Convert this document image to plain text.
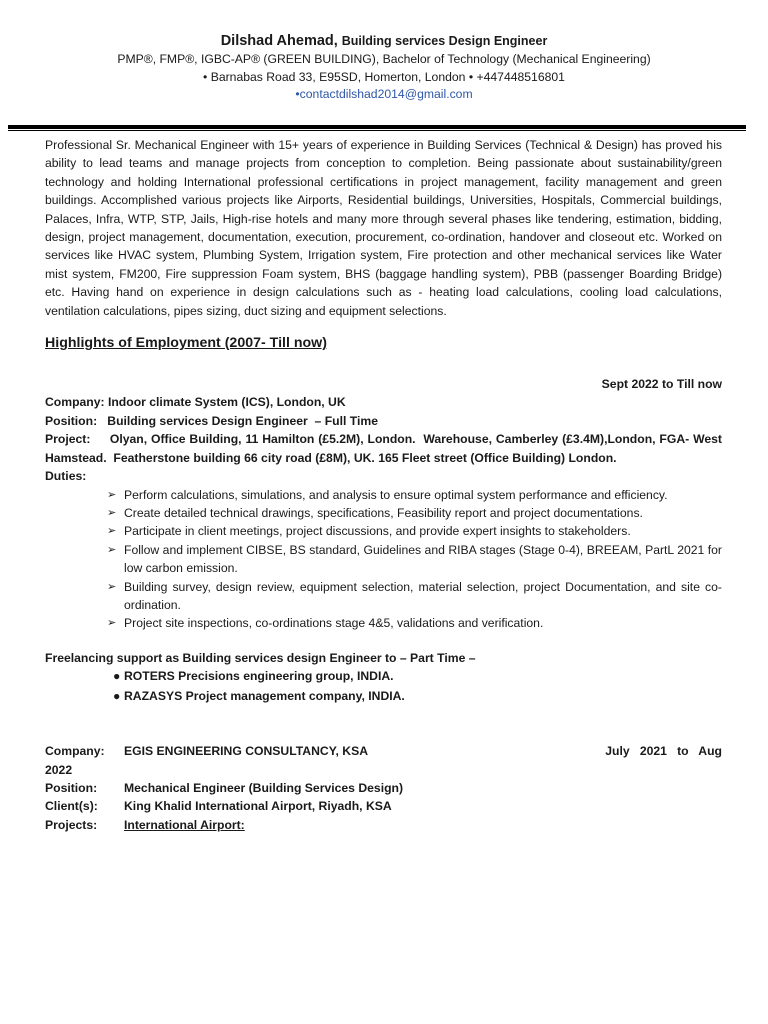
Dilshad Ahemad, Building services Design Engineer
PMP®, FMP®, IGBC-AP® (GREEN BUILDING), Bachelor of Technology (Mechanical Engineering)
• Barnabas Road 33, E95SD, Homerton, London • +447448516801
•contactdilshad2014@gmail.com

Professional Sr. Mechanical Engineer with 15+ years of experience in Building Services (Technical & Design) has proved his ability to lead teams and manage projects from conception to completion. Being passionate about sustainability/green technology and holding International professional certifications in project management, facility management and green buildings. Accomplished various projects like Airports, Residential buildings, Universities, Hospitals, Commercial buildings, Palaces, Infra, WTP, STP, Jails, High-rise hotels and many more through several phases like tendering, estimation, bidding, design, project management, documentation, execution, procurement, co-ordination, handover and closeout etc. Worked on services like HVAC system, Plumbing System, Irrigation system, Fire protection and other mechanical services like Water mist system, FM200, Fire suppression Foam system, BHS (baggage handling system), PBB (passenger Boarding Bridge) etc. Having hand on experience in design calculations such as - heating load calculations, cooling load calculations, ventilation calculations, pipes sizing, duct sizing and equipment selections.

Highlights of Employment (2007- Till now)
Sept 2022 to Till now
Company: Indoor climate System (ICS), London, UK
Position:   Building services Design Engineer  – Full Time
Project:     Olyan, Office Building, 11 Hamilton (£5.2M), London.  Warehouse, Camberley (£3.4M),London, FGA- West Hamstead.  Featherstone building 66 city road (£8M), UK. 165 Fleet street (Office Building) London.
Duties:
➢ Perform calculations, simulations, and analysis to ensure optimal system performance and efficiency.
➢ Create detailed technical drawings, specifications, Feasibility report and project documentations.
➢ Participate in client meetings, project discussions, and provide expert insights to stakeholders.
➢ Follow and implement CIBSE, BS standard, Guidelines and RIBA stages (Stage 0-4), BREEAM, PartL 2021 for low carbon emission.
➢ Building survey, design review, equipment selection, material selection, project Documentation, and site co-ordination.
➢ Project site inspections, co-ordinations stage 4&5, validations and verification.
Freelancing support as Building services design Engineer to – Part Time –
● ROTERS Precisions engineering group, INDIA.
● RAZASYS Project management company, INDIA.
Company:	EGIS ENGINEERING CONSULTANCY, KSA	July   2021   to   Aug
2022
Position:	Mechanical Engineer (Building Services Design)
Client(s):	King Khalid International Airport, Riyadh, KSA
Projects:	International Airport:
